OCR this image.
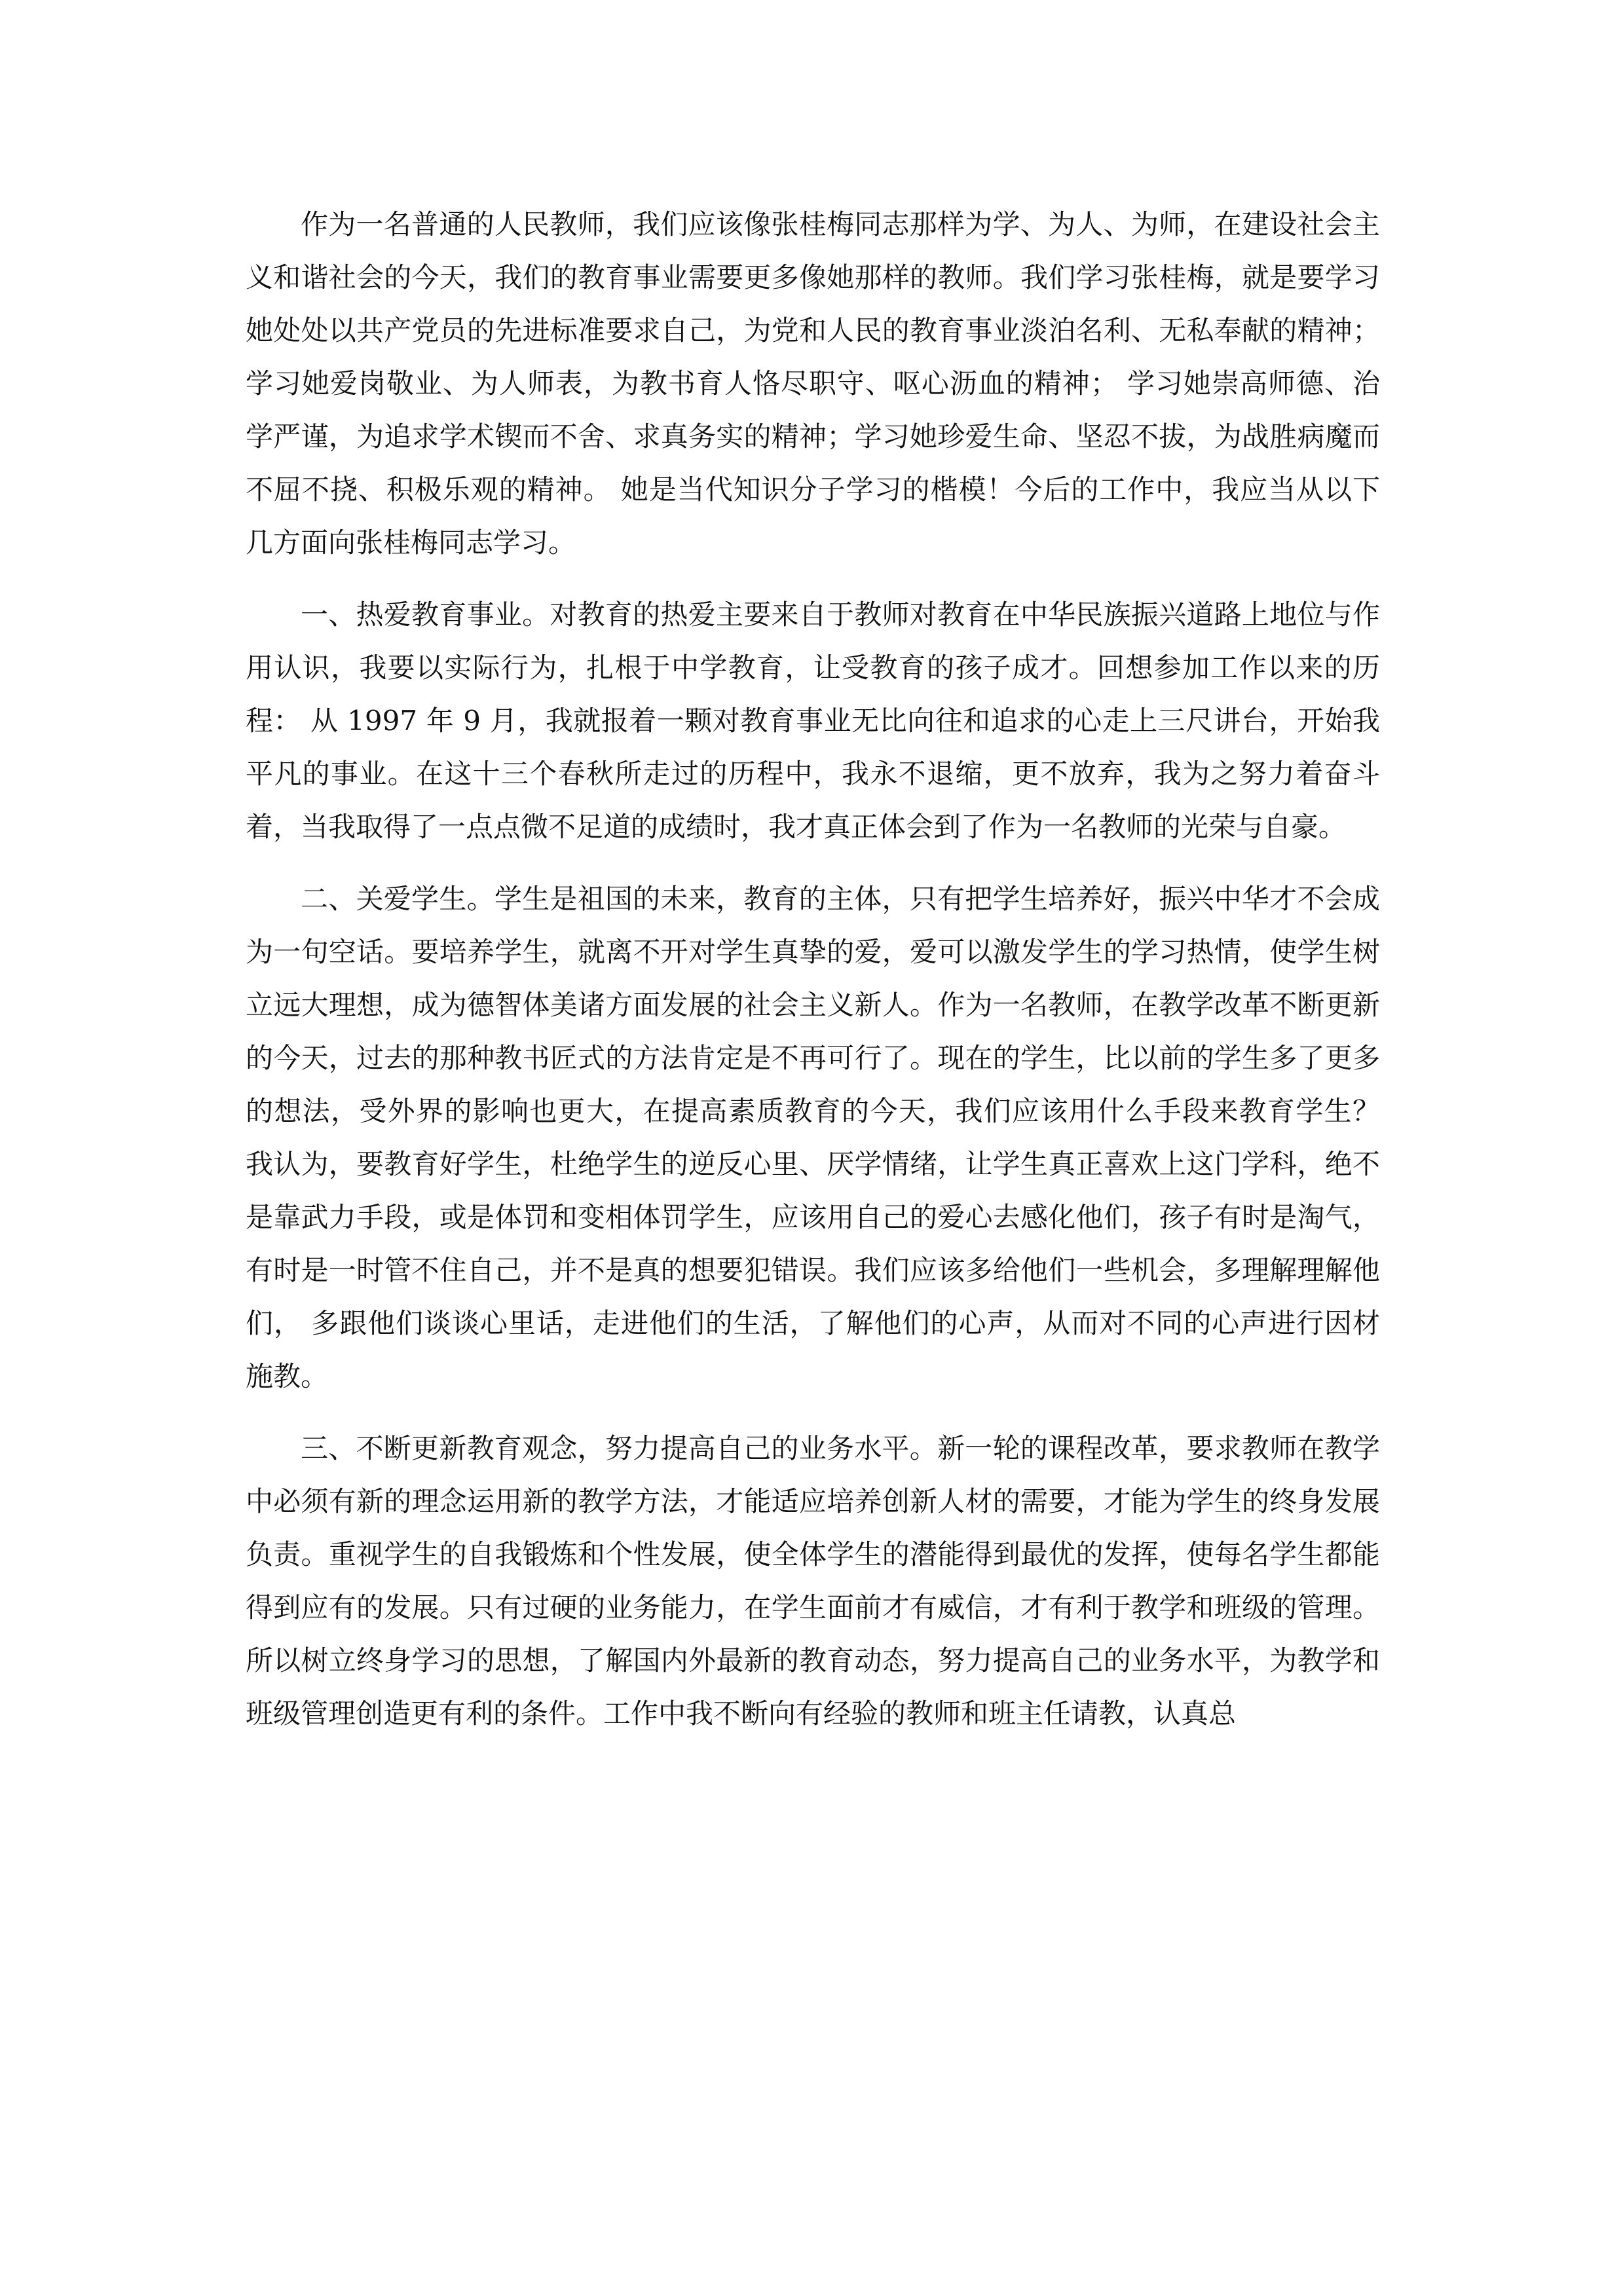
作为一名普通的人民教师，我们应该像张桂梅同志那样为学、为人、为师，在建设社会主义和谐社会的今天，我们的教育事业需要更多像她那样的教师。我们学习张桂梅，就是要学习她处处以共产党员的先进标准要求自己，为党和人民的教育事业淡泊名利、无私奉献的精神；学习她爱岗敬业、为人师表，为教书育人恪尽职守、呕心沥血的精神； 学习她崇高师德、治学严谨，为追求学术锲而不舍、求真务实的精神；学习她珍爱生命、坚忍不拔，为战胜病魔而不屈不挠、积极乐观的精神。 她是当代知识分子学习的楷模！今后的工作中，我应当从以下几方面向张桂梅同志学习。

一、热爱教育事业。对教育的热爱主要来自于教师对教育在中华民族振兴道路上地位与作用认识，我要以实际行为，扎根于中学教育，让受教育的孩子成才。回想参加工作以来的历程： 从 1997 年 9 月，我就报着一颗对教育事业无比向往和追求的心走上三尺讲台，开始我平凡的事业。在这十三个春秋所走过的历程中，我永不退缩，更不放弃，我为之努力着奋斗着，当我取得了一点点微不足道的成绩时，我才真正体会到了作为一名教师的光荣与自豪。

二、关爱学生。学生是祖国的未来，教育的主体，只有把学生培养好，振兴中华才不会成为一句空话。要培养学生，就离不开对学生真挚的爱，爱可以激发学生的学习热情，使学生树立远大理想，成为德智体美诸方面发展的社会主义新人。作为一名教师，在教学改革不断更新的今天，过去的那种教书匠式的方法肯定是不再可行了。现在的学生，比以前的学生多了更多的想法，受外界的影响也更大，在提高素质教育的今天，我们应该用什么手段来教育学生？ 我认为，要教育好学生，杜绝学生的逆反心里、厌学情绪，让学生真正喜欢上这门学科，绝不是靠武力手段，或是体罚和变相体罚学生，应该用自己的爱心去感化他们，孩子有时是淘气，有时是一时管不住自己，并不是真的想要犯错误。我们应该多给他们一些机会，多理解理解他们， 多跟他们谈谈心里话，走进他们的生活，了解他们的心声，从而对不同的心声进行因材施教。

三、不断更新教育观念，努力提高自己的业务水平。新一轮的课程改革，要求教师在教学中必须有新的理念运用新的教学方法，才能适应培养创新人材的需要，才能为学生的终身发展负责。重视学生的自我锻炼和个性发展，使全体学生的潜能得到最优的发挥，使每名学生都能得到应有的发展。只有过硬的业务能力，在学生面前才有威信，才有利于教学和班级的管理。所以树立终身学习的思想，了解国内外最新的教育动态，努力提高自己的业务水平，为教学和班级管理创造更有利的条件。工作中我不断向有经验的教师和班主任请教，认真总
